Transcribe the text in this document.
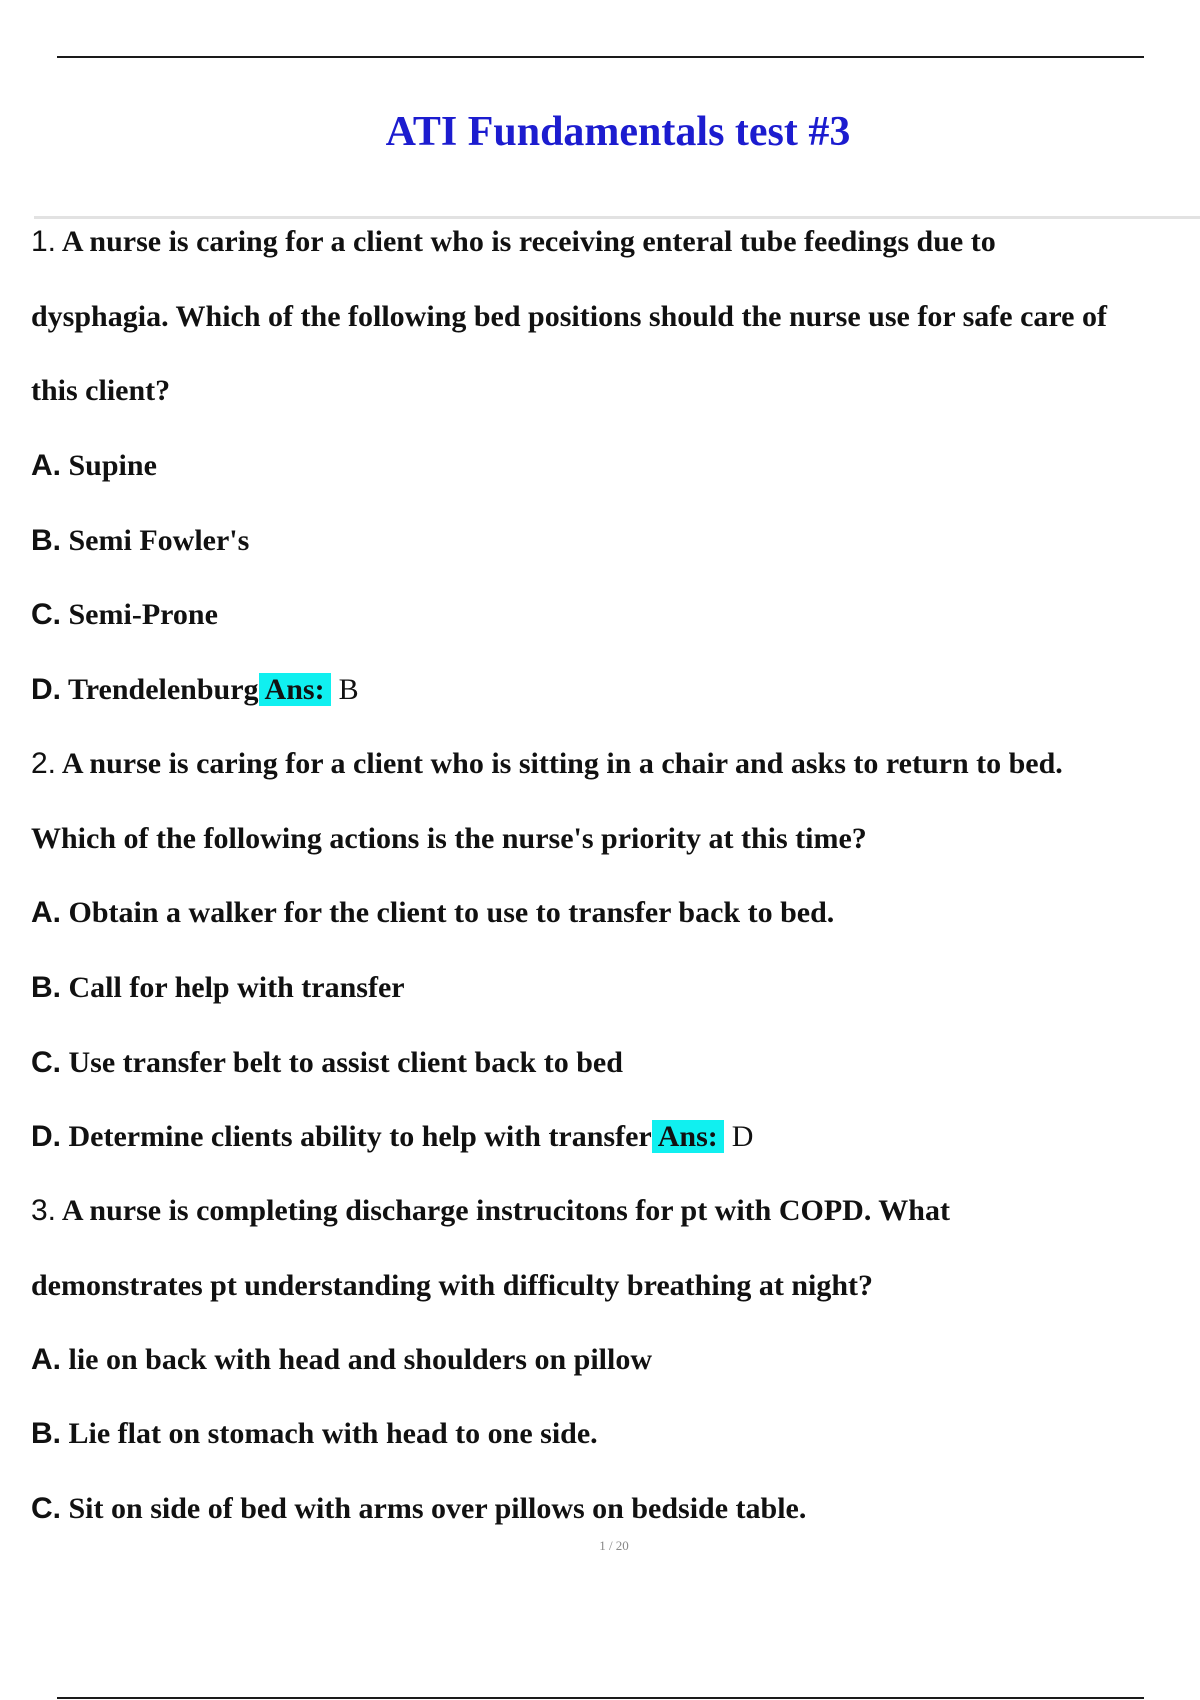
ATI Fundamentals test #3

1. A nurse is caring for a client who is receiving enteral tube feedings due to

dysphagia. Which of the following bed positions should the nurse use for safe care of

this client?

A. Supine

B. Semi Fowler's

C. Semi-Prone

D. Trendelenburg Ans: B

2. A nurse is caring for a client who is sitting in a chair and asks to return to bed.

Which of the following actions is the nurse's priority at this time?

A. Obtain a walker for the client to use to transfer back to bed.

B. Call for help with transfer

C. Use transfer belt to assist client back to bed

D. Determine clients ability to help with transfer Ans: D

3. A nurse is completing discharge instrucitons for pt with COPD. What

demonstrates pt understanding with difficulty breathing at night?

A. lie on back with head and shoulders on pillow

B. Lie flat on stomach with head to one side.

C. Sit on side of bed with arms over pillows on bedside table.

1 / 20
